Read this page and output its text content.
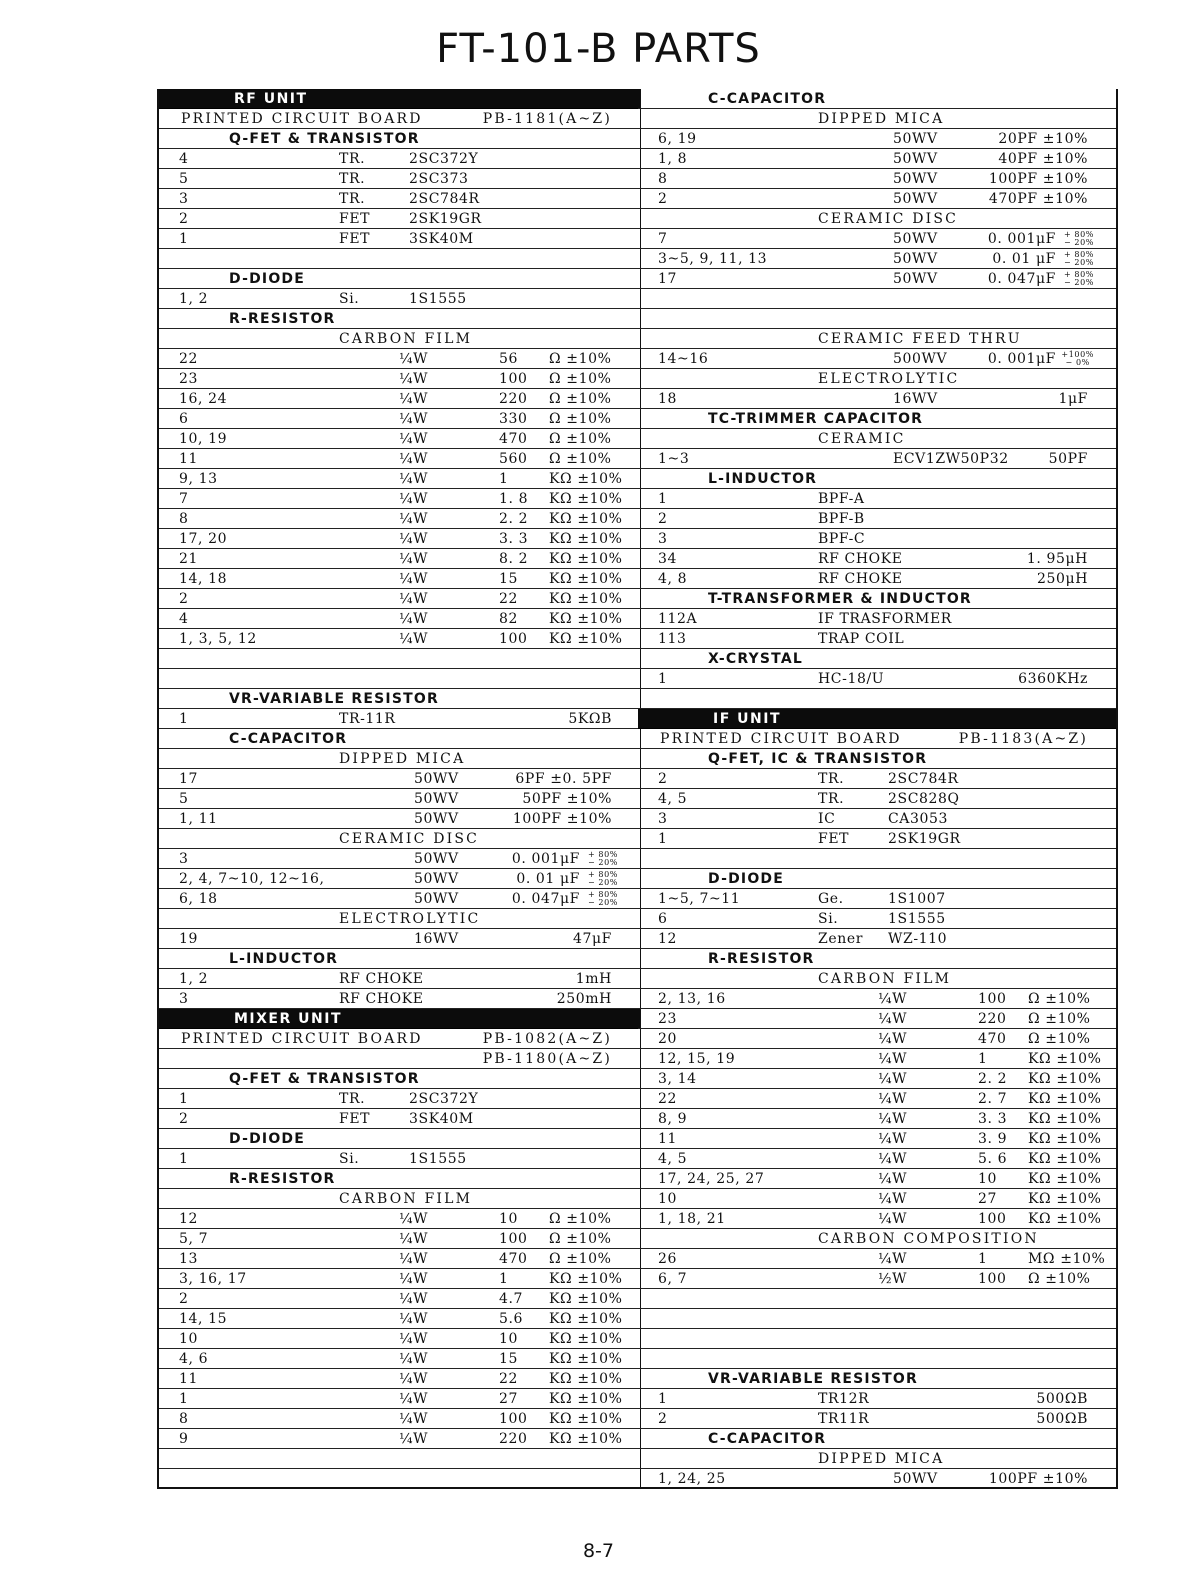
FT-101-B PARTS
RF UNIT
PRINTED CIRCUIT BOARD	PB-1181(A~Z)
Q-FET & TRANSISTOR
4	TR.	2SC372Y
5	TR.	2SC373
3	TR.	2SC784R
2	FET	2SK19GR
1	FET	3SK40M
D-DIODE
1, 2	Si.	1S1555
R-RESISTOR
CARBON FILM
22	¼W	56 Ω ±10%
23	¼W	100 Ω ±10%
16, 24	¼W	220 Ω ±10%
6	¼W	330 Ω ±10%
10, 19	¼W	470 Ω ±10%
11	¼W	560 Ω ±10%
9, 13	¼W	1	KΩ ±10%
7	¼W	1. 8 KΩ ±10%
8	¼W	2. 2 KΩ ±10%
17, 20	¼W	3. 3 KΩ ±10%
21	¼W	8. 2 KΩ ±10%
14, 18	¼W	15 KΩ ±10%
2	¼W	22 KΩ ±10%
4	¼W	82 KΩ ±10%
1, 3, 5, 12	¼W	100 KΩ ±10%
VR-VARIABLE RESISTOR
1	TR-11R	5KΩB
C-CAPACITOR
DIPPED MICA
17	50WV	6PF ±0. 5PF
5	50WV	50PF ±10%
1, 11	50WV	100PF ±10%
CERAMIC DISC
3	50WV	0. 001μF + 80%
− 20%
2, 4, 7~10, 12~16,	50WV	0. 01 μF + 80%
− 20%
6, 18	50WV	0. 047μF + 80%
− 20%
ELECTROLYTIC
19	16WV	47μF
L-INDUCTOR
1, 2	RF CHOKE	1mH
3	RF CHOKE	250mH
MIXER UNIT
PRINTED CIRCUIT BOARD	PB-1082(A~Z)
PB-1180(A~Z)
Q-FET & TRANSISTOR
1	TR.	2SC372Y
2	FET	3SK40M
D-DIODE
1	Si.	1S1555
R-RESISTOR
CARBON FILM
12	¼W	10 Ω ±10%
5, 7	¼W	100 Ω ±10%
13	¼W	470 Ω ±10%
3, 16, 17	¼W	1	KΩ ±10%
2	¼W	4.7 KΩ ±10%
14, 15	¼W	5.6 KΩ ±10%
10	¼W	10 KΩ ±10%
4, 6	¼W	15 KΩ ±10%
11	¼W	22 KΩ ±10%
1	¼W	27 KΩ ±10%
8	¼W	100 KΩ ±10%
9	¼W	220 KΩ ±10%
C-CAPACITOR
DIPPED MICA
6, 19	50WV	20PF ±10%
1, 8	50WV	40PF ±10%
8	50WV	100PF ±10%
2	50WV	470PF ±10%
CERAMIC DISC
7	50WV	0. 001μF + 80%
− 20%
3~5, 9, 11, 13	50WV	0. 01 μF + 80%
− 20%
17	50WV	0. 047μF + 80%
− 20%
CERAMIC FEED THRU
14~16	500WV	0. 001μF +100%
− 0%
ELECTROLYTIC
18	16WV	1μF
TC-TRIMMER CAPACITOR
CERAMIC
1~3	ECV1ZW50P32	50PF
L-INDUCTOR
1	BPF-A
2	BPF-B
3	BPF-C
34	RF CHOKE	1. 95μH
4, 8	RF CHOKE	250μH
T-TRANSFORMER & INDUCTOR
112A	IF TRASFORMER
113	TRAP COIL
X-CRYSTAL
1	HC-18/U	6360KHz
IF UNIT
PRINTED CIRCUIT BOARD	PB-1183(A~Z)
Q-FET, IC & TRANSISTOR
2	TR.	2SC784R
4, 5	TR.	2SC828Q
3	IC	CA3053
1	FET	2SK19GR
D-DIODE
1~5, 7~11	Ge.	1S1007
6	Si.	1S1555
12	Zener WZ-110
R-RESISTOR
CARBON FILM
2, 13, 16	¼W	100 Ω ±10%
23	¼W	220 Ω ±10%
20	¼W	470 Ω ±10%
12, 15, 19	¼W	1	KΩ ±10%
3, 14	¼W	2. 2 KΩ ±10%
22	¼W	2. 7 KΩ ±10%
8, 9	¼W	3. 3 KΩ ±10%
11	¼W	3. 9 KΩ ±10%
4, 5	¼W	5. 6 KΩ ±10%
17, 24, 25, 27	¼W	10 KΩ ±10%
10	¼W	27 KΩ ±10%
1, 18, 21	¼W	100 KΩ ±10%
CARBON COMPOSITION
26	¼W	1	MΩ ±10%
6, 7	½W	100 Ω ±10%
VR-VARIABLE RESISTOR
1	TR12R	500ΩB
2	TR11R	500ΩB
C-CAPACITOR
DIPPED MICA
1, 24, 25	50WV	100PF ±10%
8-7
